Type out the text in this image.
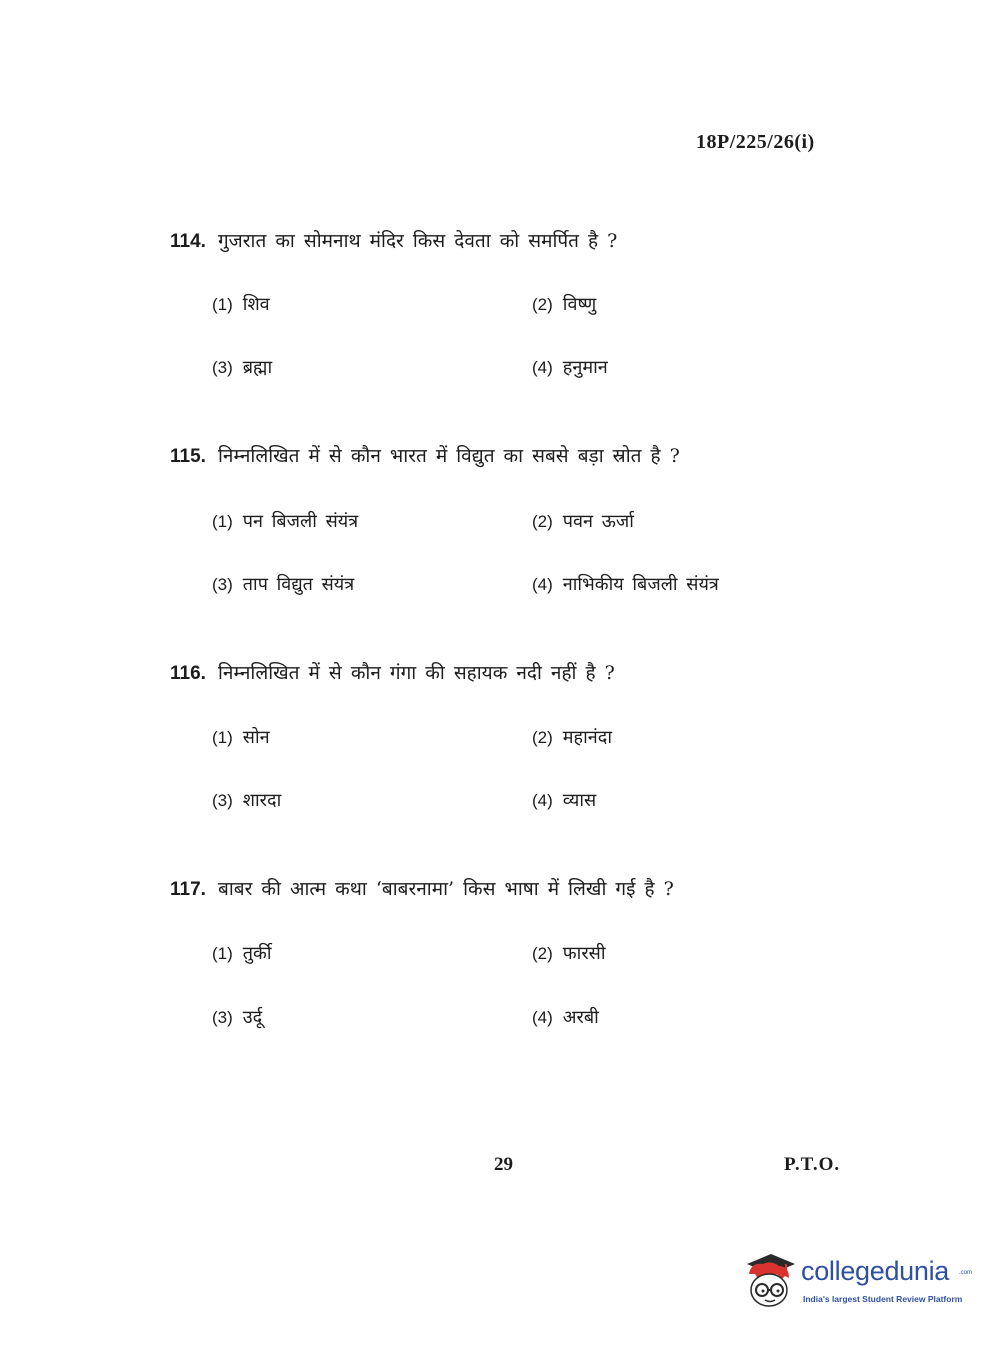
18P/225/26(i)
114. गुजरात का सोमनाथ मंदिर किस देवता को समर्पित है ?
(1) शिव	(2) विष्णु
(3) ब्रह्मा	(4) हनुमान
115. निम्नलिखित में से कौन भारत में विद्युत का सबसे बड़ा स्रोत है ?
(1) पन बिजली संयंत्र	(2) पवन ऊर्जा
(3) ताप विद्युत संयंत्र	(4) नाभिकीय बिजली संयंत्र
116. निम्नलिखित में से कौन गंगा की सहायक नदी नहीं है ?
(1) सोन	(2) महानंदा
(3) शारदा	(4) व्यास
117. बाबर की आत्म कथा ‘बाबरनामा’ किस भाषा में लिखी गई है ?
(1) तुर्की	(2) फारसी
(3) उर्दू	(4) अरबी
29	P.T.O.
collegedunia .com
India's largest Student Review Platform
